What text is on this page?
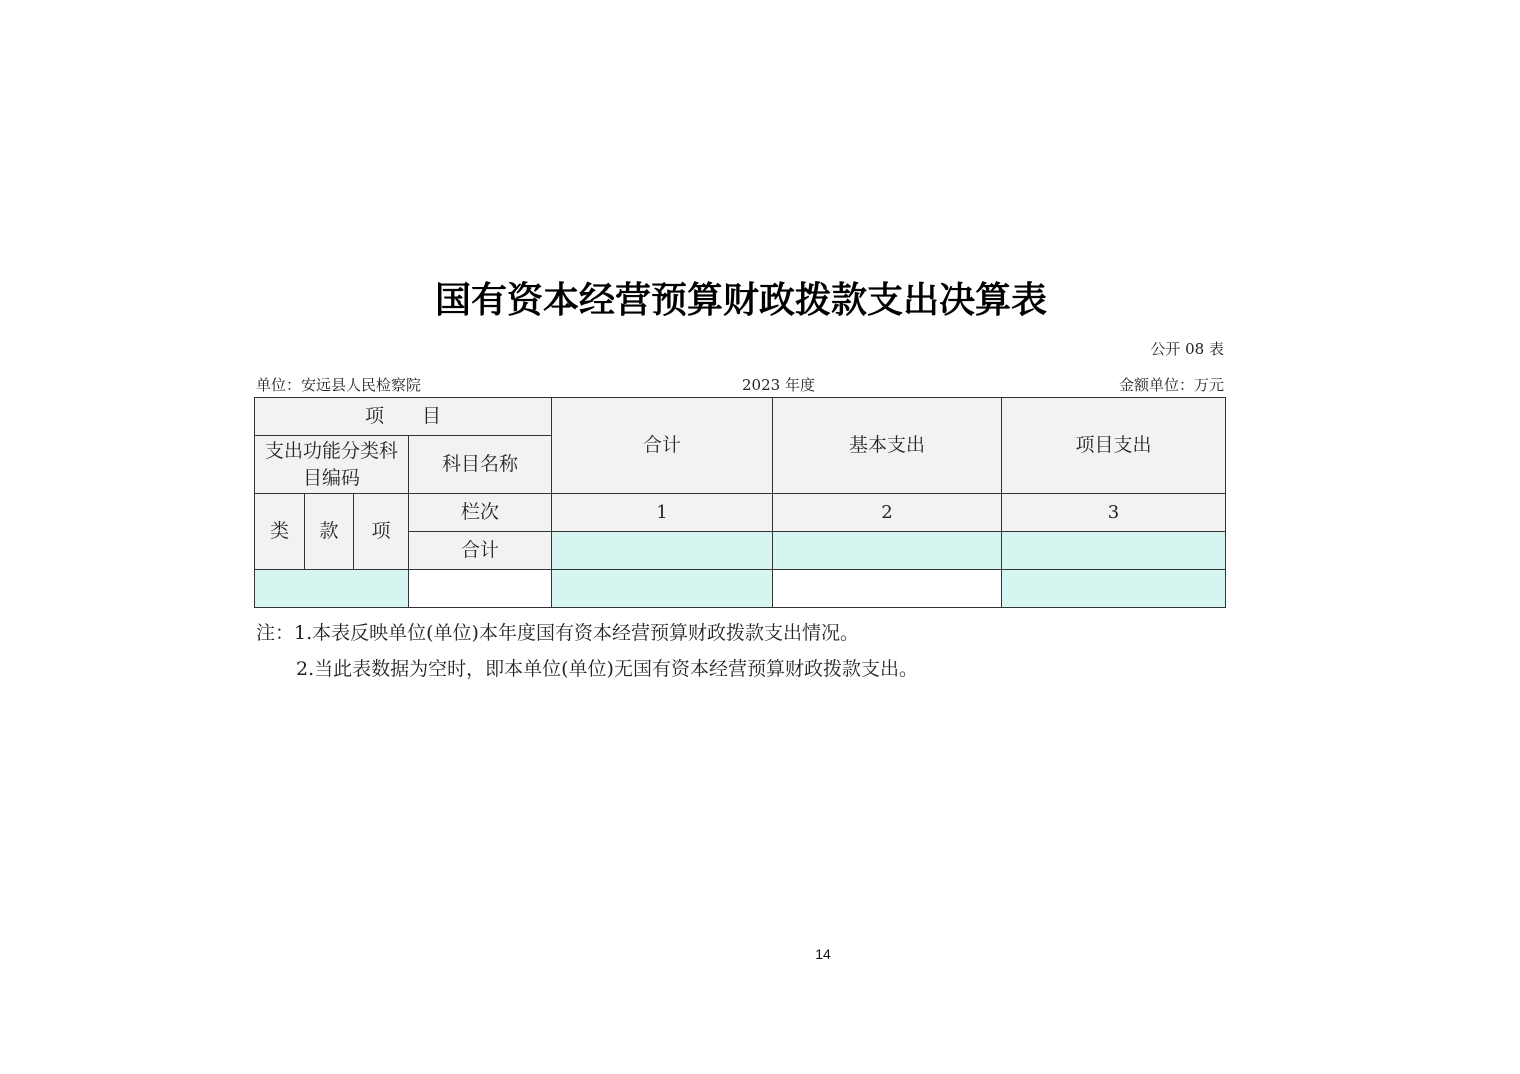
国有资本经营预算财政拨款支出决算表
公开 08 表
单位：安远县人民检察院	2023 年度	金额单位：万元
项　　目				合计	基本支出	项目支出
支出功能分类科目编码			科目名称			
类	款	项	栏次	1	2	3
			合计			

注：1.本表反映单位(单位)本年度国有资本经营预算财政拨款支出情况。
2.当此表数据为空时，即本单位(单位)无国有资本经营预算财政拨款支出。
14
